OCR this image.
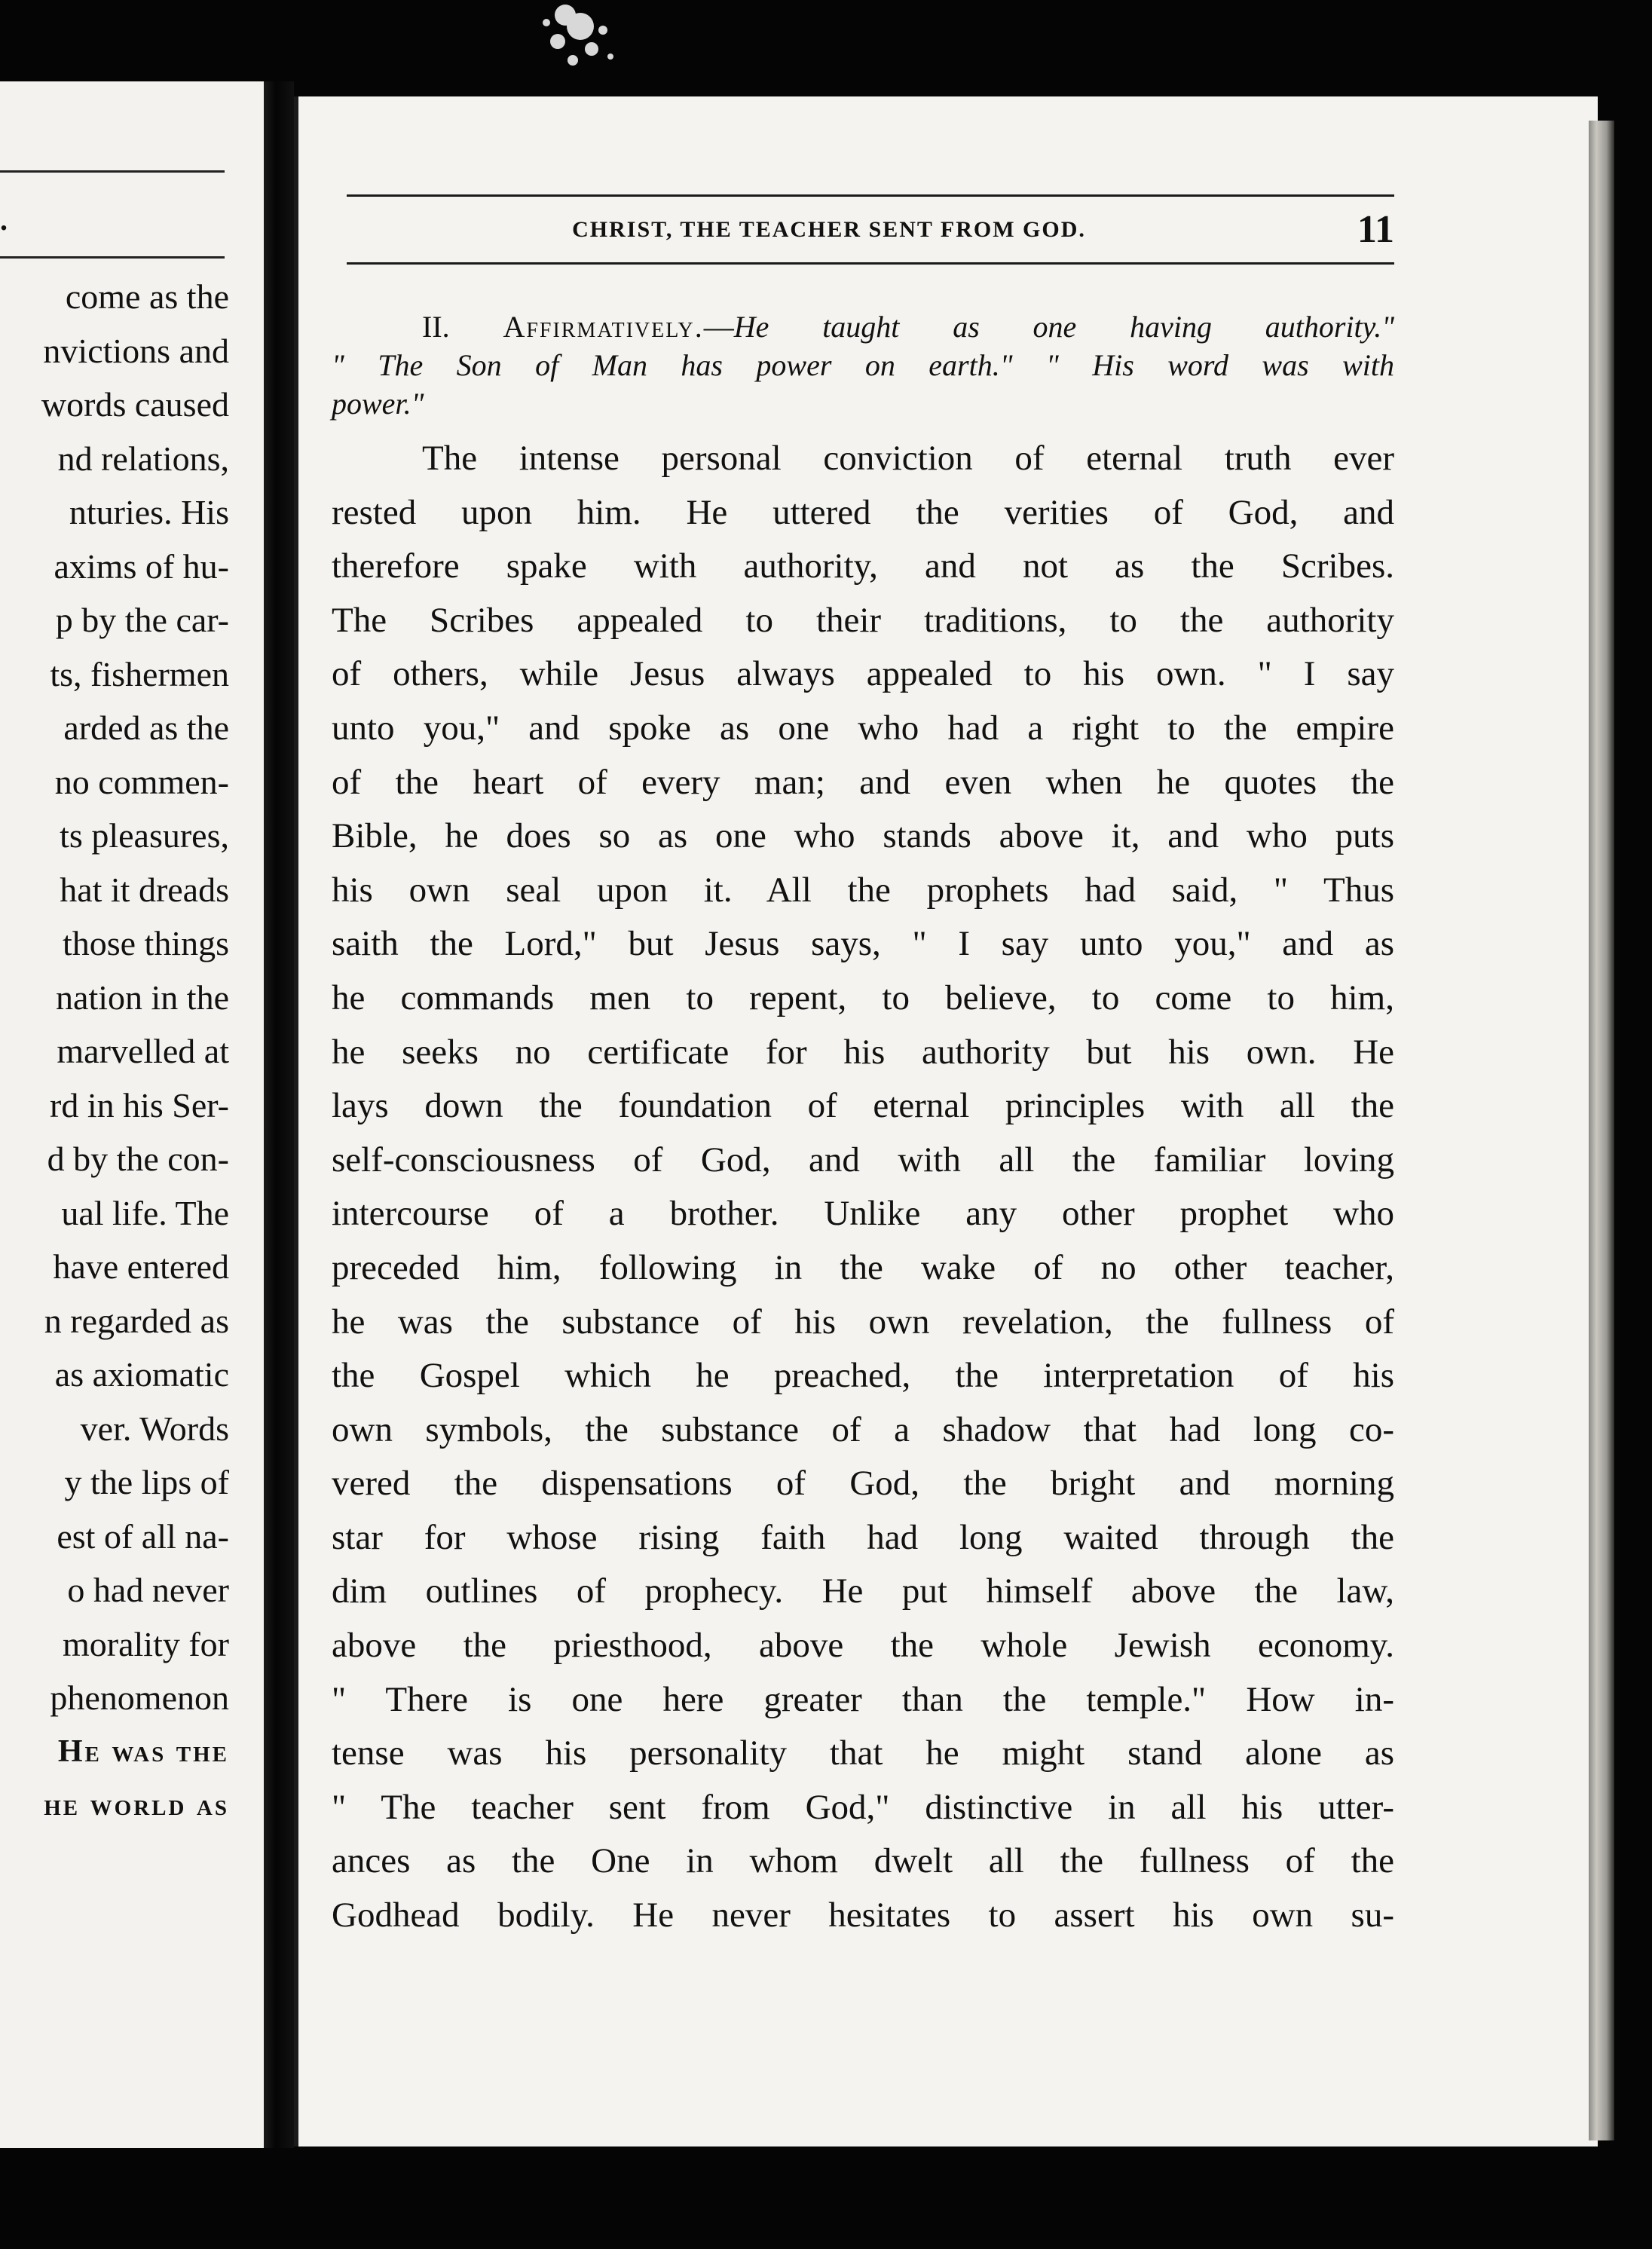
.
come as the
nvictions and
words caused
nd relations,
nturies. His
axims of hu-
p by the car-
ts, fishermen
arded as the
no commen-
ts pleasures,
hat it dreads
those things
nation in the
marvelled at
rd in his Ser-
d by the con-
ual life. The
have entered
n regarded as
as axiomatic
ver. Words
y the lips of
est of all na-
o had never
morality for
phenomenon
He was the
he world as
CHRIST, THE TEACHER SENT FROM GOD.	11
II. Affirmatively.—He taught as one having authority."
" The Son of Man has power on earth." " His word was with
power."
The intense personal conviction of eternal truth ever
rested upon him. He uttered the verities of God, and
therefore spake with authority, and not as the Scribes.
The Scribes appealed to their traditions, to the authority
of others, while Jesus always appealed to his own. " I say
unto you," and spoke as one who had a right to the empire
of the heart of every man; and even when he quotes the
Bible, he does so as one who stands above it, and who puts
his own seal upon it. All the prophets had said, " Thus
saith the Lord," but Jesus says, " I say unto you," and as
he commands men to repent, to believe, to come to him,
he seeks no certificate for his authority but his own. He
lays down the foundation of eternal principles with all the
self-consciousness of God, and with all the familiar loving
intercourse of a brother. Unlike any other prophet who
preceded him, following in the wake of no other teacher,
he was the substance of his own revelation, the fullness of
the Gospel which he preached, the interpretation of his
own symbols, the substance of a shadow that had long co-
vered the dispensations of God, the bright and morning
star for whose rising faith had long waited through the
dim outlines of prophecy. He put himself above the law,
above the priesthood, above the whole Jewish economy.
" There is one here greater than the temple." How in-
tense was his personality that he might stand alone as
" The teacher sent from God," distinctive in all his utter-
ances as the One in whom dwelt all the fullness of the
Godhead bodily. He never hesitates to assert his own su-
